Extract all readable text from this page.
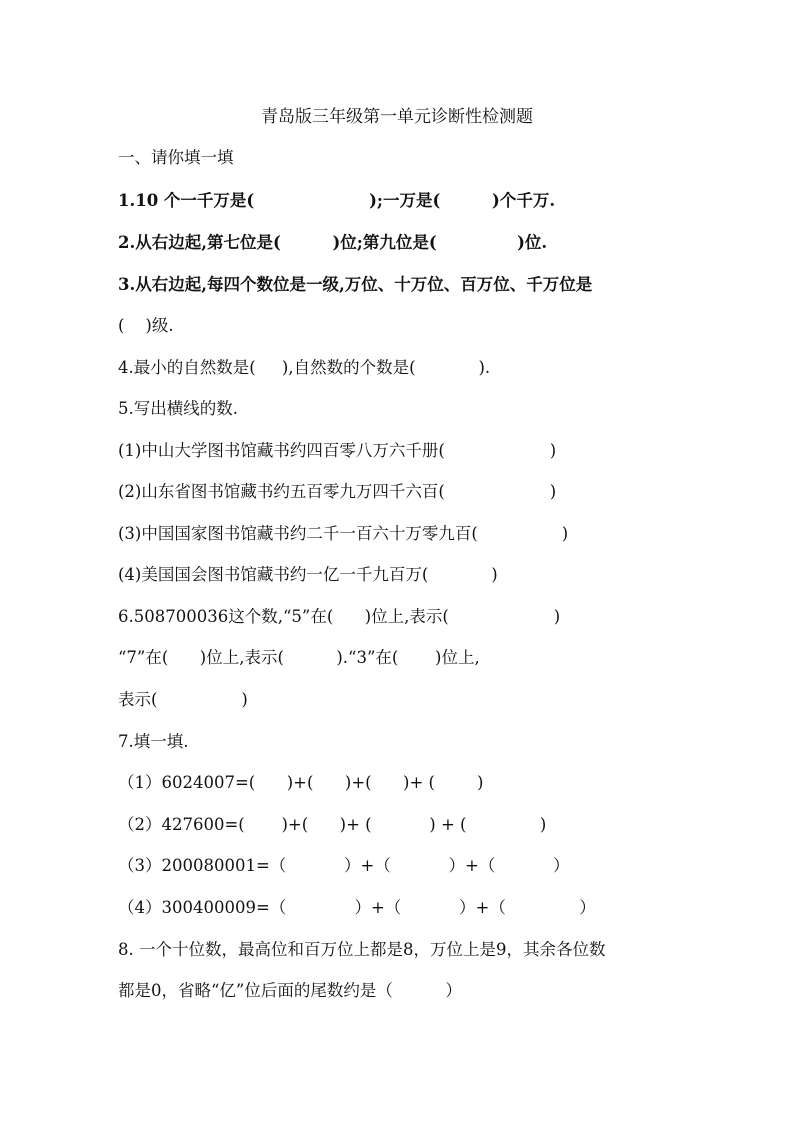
青岛版三年级第一单元诊断性检测题
一、请你填一填
1.10 个一千万是(                    );一万是(         )个千万.
2.从右边起,第七位是(         )位;第九位是(              )位.
3.从右边起,每四个数位是一级,万位、十万位、百万位、千万位是
(    )级.
4.最小的自然数是(     ),自然数的个数是(            ).
5.写出横线的数.
(1)中山大学图书馆藏书约四百零八万六千册(                    )
(2)山东省图书馆藏书约五百零九万四千六百(                    )
(3)中国国家图书馆藏书约二千一百六十万零九百(                )
(4)美国国会图书馆藏书约一亿一千九百万(            )
6.508700036这个数,“5”在(      )位上,表示(                    )
“7”在(      )位上,表示(          ).“3”在(       )位上,
表示(                )
7.填一填.
（1）6024007=(      )+(      )+(      )+ (        )
（2）427600=(       )+(      )+ (           ) + (              )
（3）200080001=（           ）+（           ）+（           ）
（4）300400009=（             ）+（           ）+（              ）
8. 一个十位数，最高位和百万位上都是8，万位上是9，其余各位数
都是0，省略“亿”位后面的尾数约是（          ）
